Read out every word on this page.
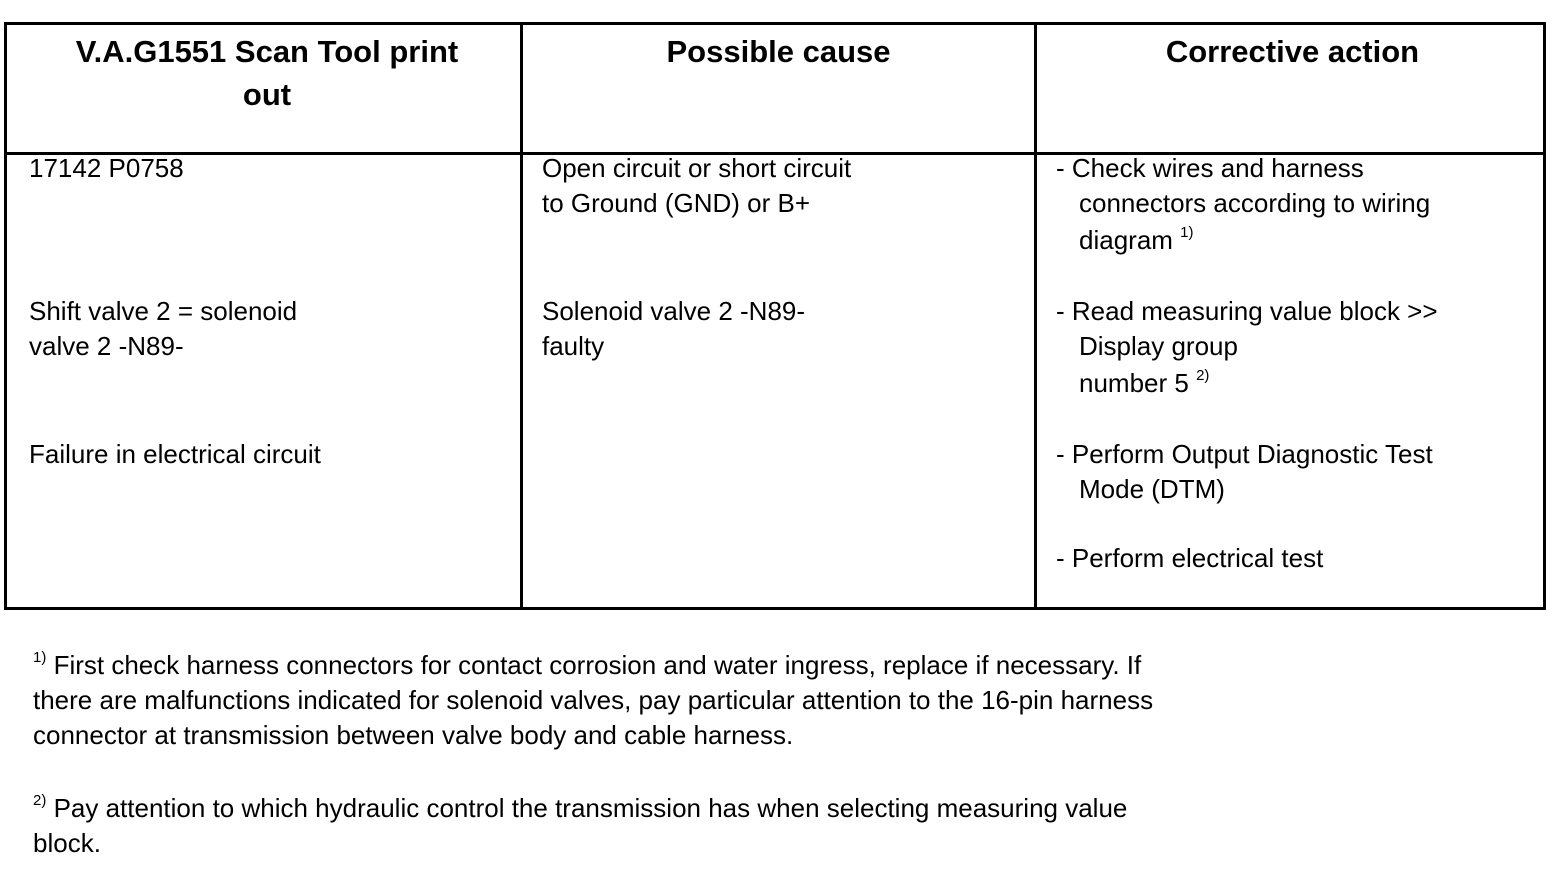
V.A.G1551 Scan Tool print
out
Possible cause	Corrective action
17142 P0758
Shift valve 2 = solenoid
valve 2 -N89-
Failure in electrical circuit
Open circuit or short circuit
to Ground (GND) or B+
Solenoid valve 2 -N89-
faulty
- Check wires and harness
connectors according to wiring
diagram $^{1)}$
- Read measuring value block >>
Display group
number 5 $^{2)}$
- Perform Output Diagnostic Test
Mode (DTM)
- Perform electrical test
$^{1)}$ First check harness connectors for contact corrosion and water ingress, replace if necessary. If
there are malfunctions indicated for solenoid valves, pay particular attention to the 16-pin harness
connector at transmission between valve body and cable harness.
$^{2)}$ Pay attention to which hydraulic control the transmission has when selecting measuring value
block.
